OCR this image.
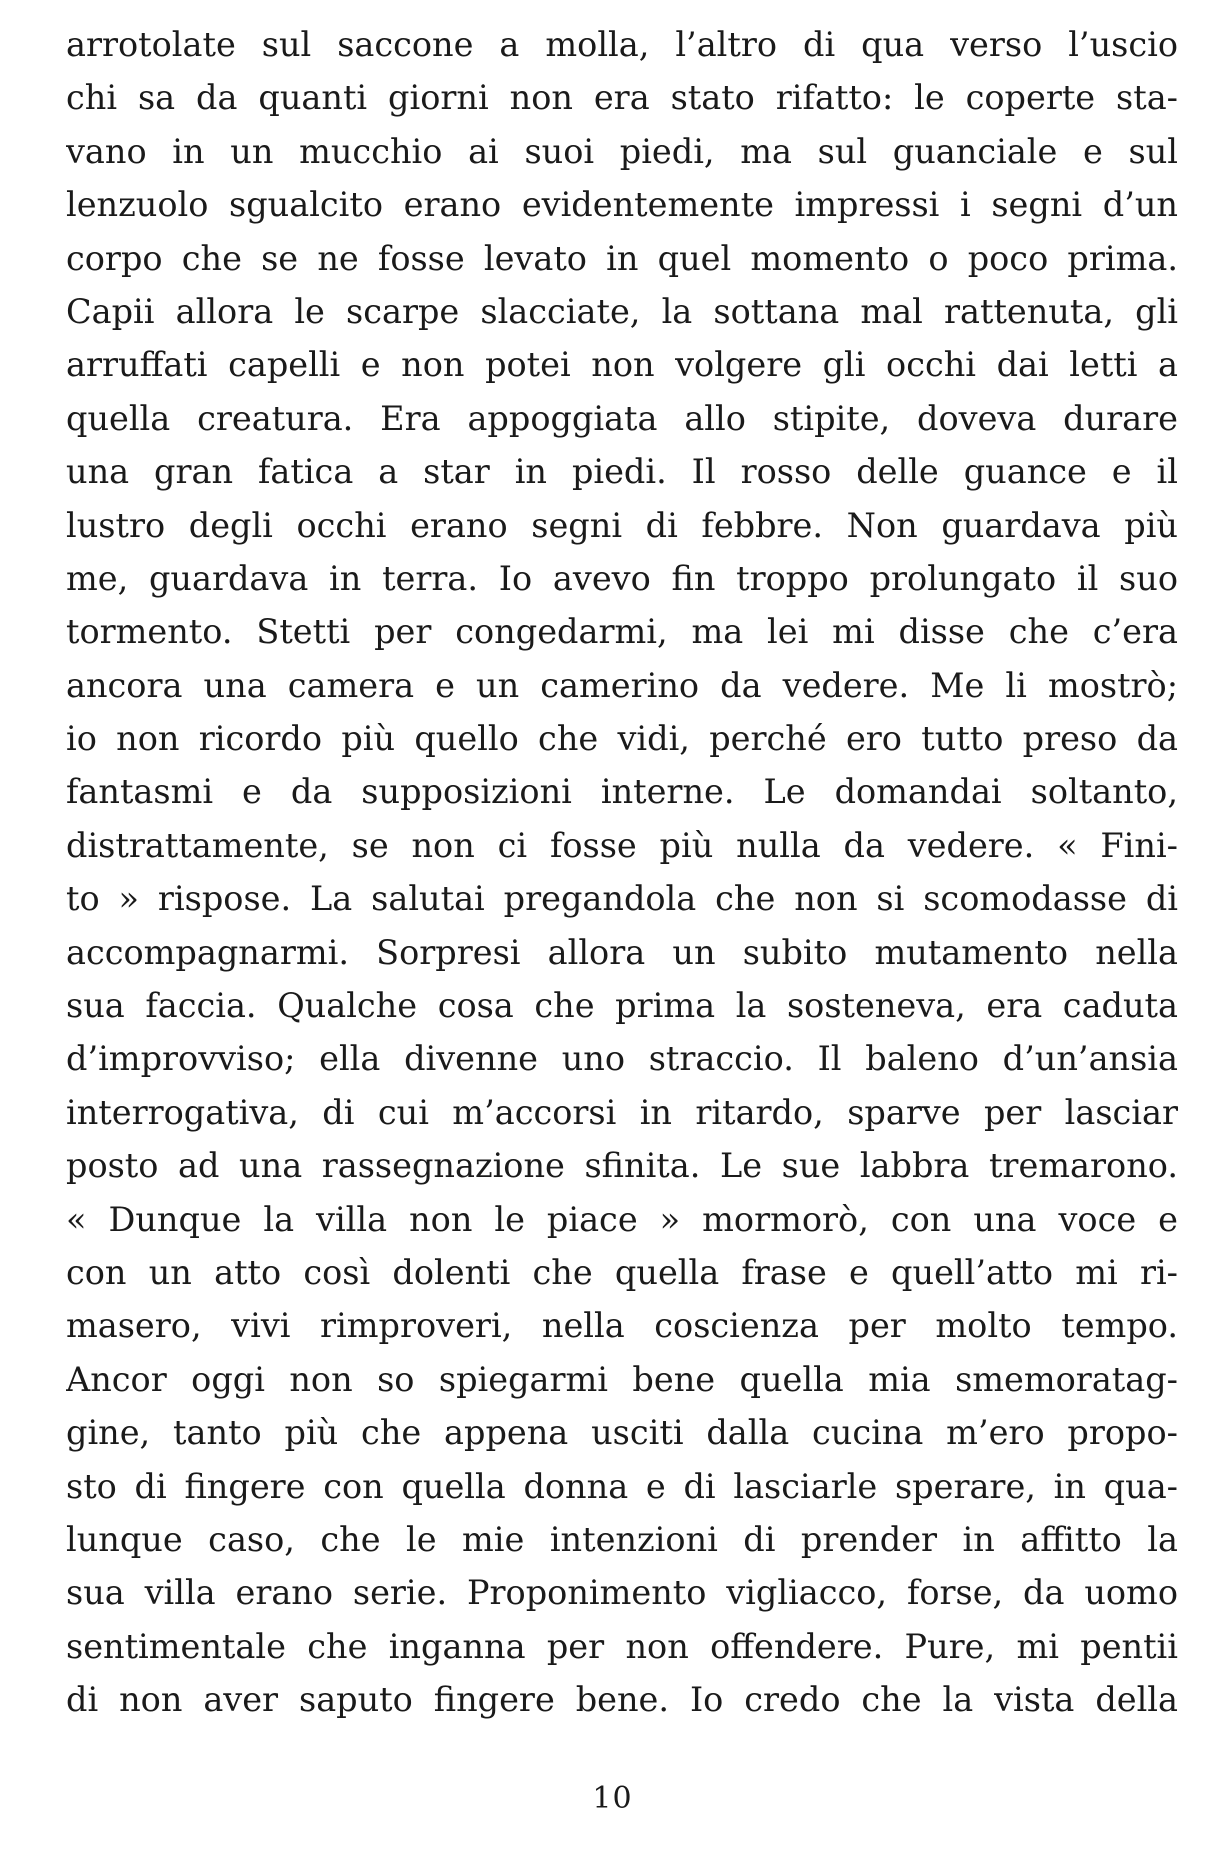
arrotolate sul saccone a molla, l’altro di qua verso l’uscio
chi sa da quanti giorni non era stato rifatto: le coperte sta-
vano in un mucchio ai suoi piedi, ma sul guanciale e sul
lenzuolo sgualcito erano evidentemente impressi i segni d’un
corpo che se ne fosse levato in quel momento o poco prima.
Capii allora le scarpe slacciate, la sottana mal rattenuta, gli
arruffati capelli e non potei non volgere gli occhi dai letti a
quella creatura. Era appoggiata allo stipite, doveva durare
una gran fatica a star in piedi. Il rosso delle guance e il
lustro degli occhi erano segni di febbre. Non guardava più
me, guardava in terra. Io avevo fin troppo prolungato il suo
tormento. Stetti per congedarmi, ma lei mi disse che c’era
ancora una camera e un camerino da vedere. Me li mostrò;
io non ricordo più quello che vidi, perché ero tutto preso da
fantasmi e da supposizioni interne. Le domandai soltanto,
distrattamente, se non ci fosse più nulla da vedere. « Fini-
to » rispose. La salutai pregandola che non si scomodasse di
accompagnarmi. Sorpresi allora un subito mutamento nella
sua faccia. Qualche cosa che prima la sosteneva, era caduta
d’improvviso; ella divenne uno straccio. Il baleno d’un’ansia
interrogativa, di cui m’accorsi in ritardo, sparve per lasciar
posto ad una rassegnazione sfinita. Le sue labbra tremarono.
« Dunque la villa non le piace » mormorò, con una voce e
con un atto così dolenti che quella frase e quell’atto mi ri-
masero, vivi rimproveri, nella coscienza per molto tempo.
Ancor oggi non so spiegarmi bene quella mia smemoratag-
gine, tanto più che appena usciti dalla cucina m’ero propo-
sto di fingere con quella donna e di lasciarle sperare, in qua-
lunque caso, che le mie intenzioni di prender in affitto la
sua villa erano serie. Proponimento vigliacco, forse, da uomo
sentimentale che inganna per non offendere. Pure, mi pentii
di non aver saputo fingere bene. Io credo che la vista della
10
